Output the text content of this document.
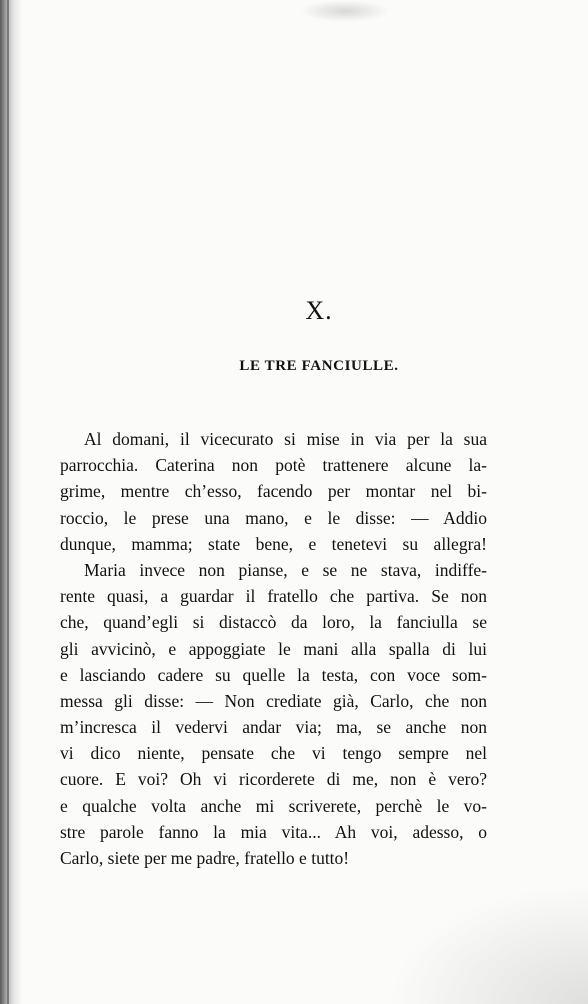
X.
LE TRE FANCIULLE.
Al domani, il vicecurato si mise in via per la sua
parrocchia. Caterina non potè trattenere alcune la-
grime, mentre ch’esso, facendo per montar nel bi-
roccio, le prese una mano, e le disse: — Addio
dunque, mamma; state bene, e tenetevi su allegra!
Maria invece non pianse, e se ne stava, indiffe-
rente quasi, a guardar il fratello che partiva. Se non
che, quand’egli si distaccò da loro, la fanciulla se
gli avvicinò, e appoggiate le mani alla spalla di lui
e lasciando cadere su quelle la testa, con voce som-
messa gli disse: — Non crediate già, Carlo, che non
m’incresca il vedervi andar via; ma, se anche non
vi dico niente, pensate che vi tengo sempre nel
cuore. E voi? Oh vi ricorderete di me, non è vero?
e qualche volta anche mi scriverete, perchè le vo-
stre parole fanno la mia vita... Ah voi, adesso, o
Carlo, siete per me padre, fratello e tutto!
